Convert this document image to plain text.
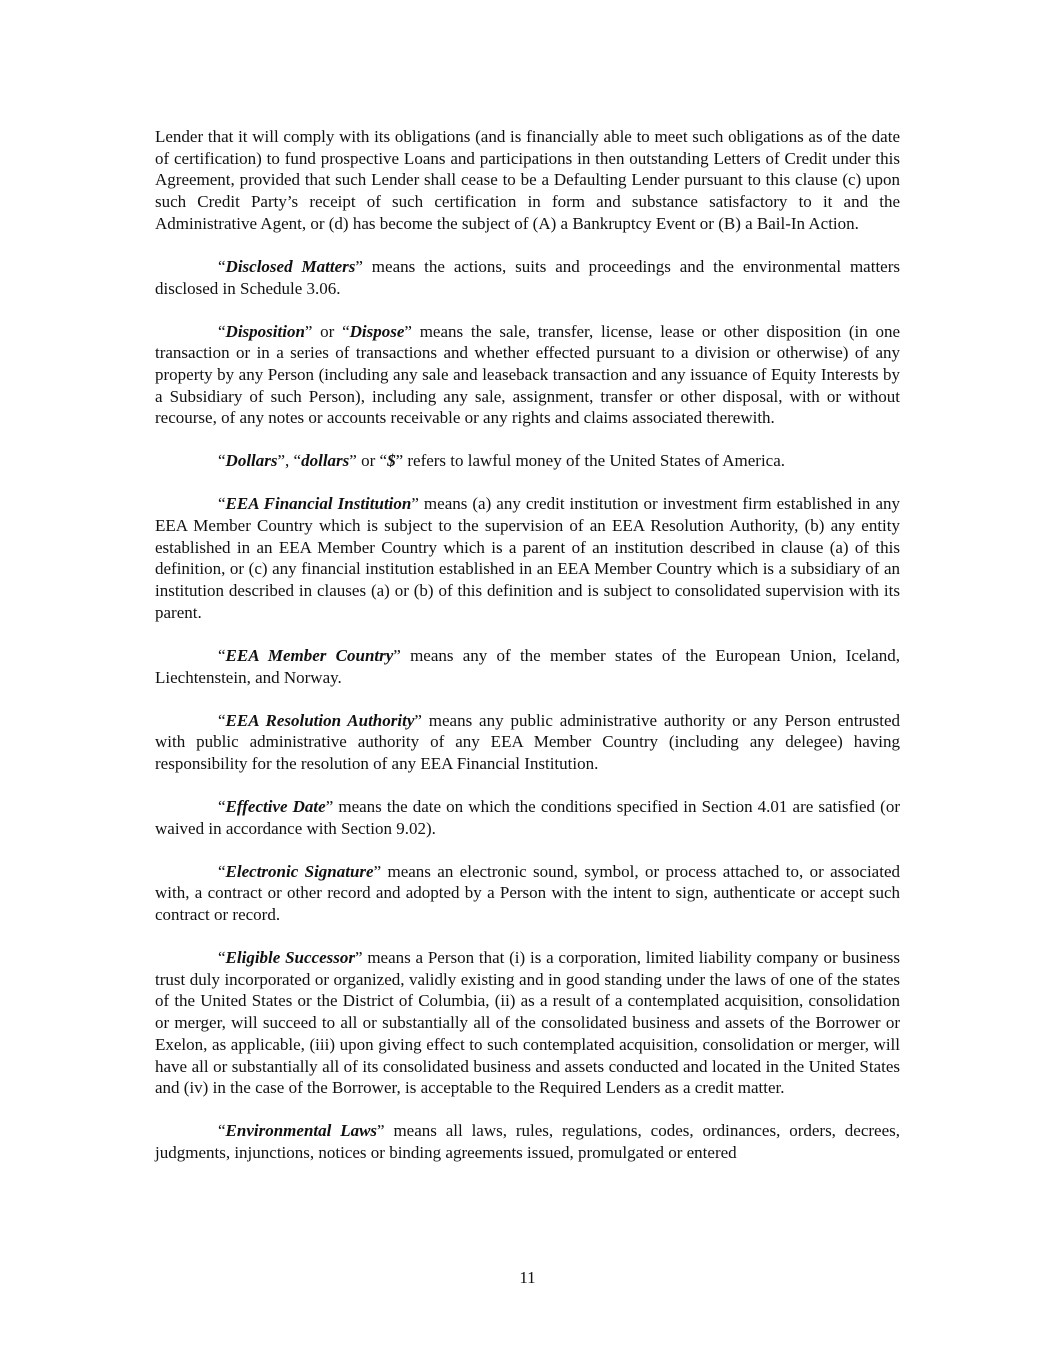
Lender that it will comply with its obligations (and is financially able to meet such obligations as of the date of certification) to fund prospective Loans and participations in then outstanding Letters of Credit under this Agreement, provided that such Lender shall cease to be a Defaulting Lender pursuant to this clause (c) upon such Credit Party’s receipt of such certification in form and substance satisfactory to it and the Administrative Agent, or (d) has become the subject of (A) a Bankruptcy Event or (B) a Bail-In Action.

“Disclosed Matters” means the actions, suits and proceedings and the environmental matters disclosed in Schedule 3.06.

“Disposition” or “Dispose” means the sale, transfer, license, lease or other disposition (in one transaction or in a series of transactions and whether effected pursuant to a division or otherwise) of any property by any Person (including any sale and leaseback transaction and any issuance of Equity Interests by a Subsidiary of such Person), including any sale, assignment, transfer or other disposal, with or without recourse, of any notes or accounts receivable or any rights and claims associated therewith.

“Dollars”, “dollars” or “$” refers to lawful money of the United States of America.

“EEA Financial Institution” means (a) any credit institution or investment firm established in any EEA Member Country which is subject to the supervision of an EEA Resolution Authority, (b) any entity established in an EEA Member Country which is a parent of an institution described in clause (a) of this definition, or (c) any financial institution established in an EEA Member Country which is a subsidiary of an institution described in clauses (a) or (b) of this definition and is subject to consolidated supervision with its parent.

“EEA Member Country” means any of the member states of the European Union, Iceland, Liechtenstein, and Norway.

“EEA Resolution Authority” means any public administrative authority or any Person entrusted with public administrative authority of any EEA Member Country (including any delegee) having responsibility for the resolution of any EEA Financial Institution.

“Effective Date” means the date on which the conditions specified in Section 4.01 are satisfied (or waived in accordance with Section 9.02).

“Electronic Signature” means an electronic sound, symbol, or process attached to, or associated with, a contract or other record and adopted by a Person with the intent to sign, authenticate or accept such contract or record.

“Eligible Successor” means a Person that (i) is a corporation, limited liability company or business trust duly incorporated or organized, validly existing and in good standing under the laws of one of the states of the United States or the District of Columbia, (ii) as a result of a contemplated acquisition, consolidation or merger, will succeed to all or substantially all of the consolidated business and assets of the Borrower or Exelon, as applicable, (iii) upon giving effect to such contemplated acquisition, consolidation or merger, will have all or substantially all of its consolidated business and assets conducted and located in the United States and (iv) in the case of the Borrower, is acceptable to the Required Lenders as a credit matter.

“Environmental Laws” means all laws, rules, regulations, codes, ordinances, orders, decrees, judgments, injunctions, notices or binding agreements issued, promulgated or entered

11
